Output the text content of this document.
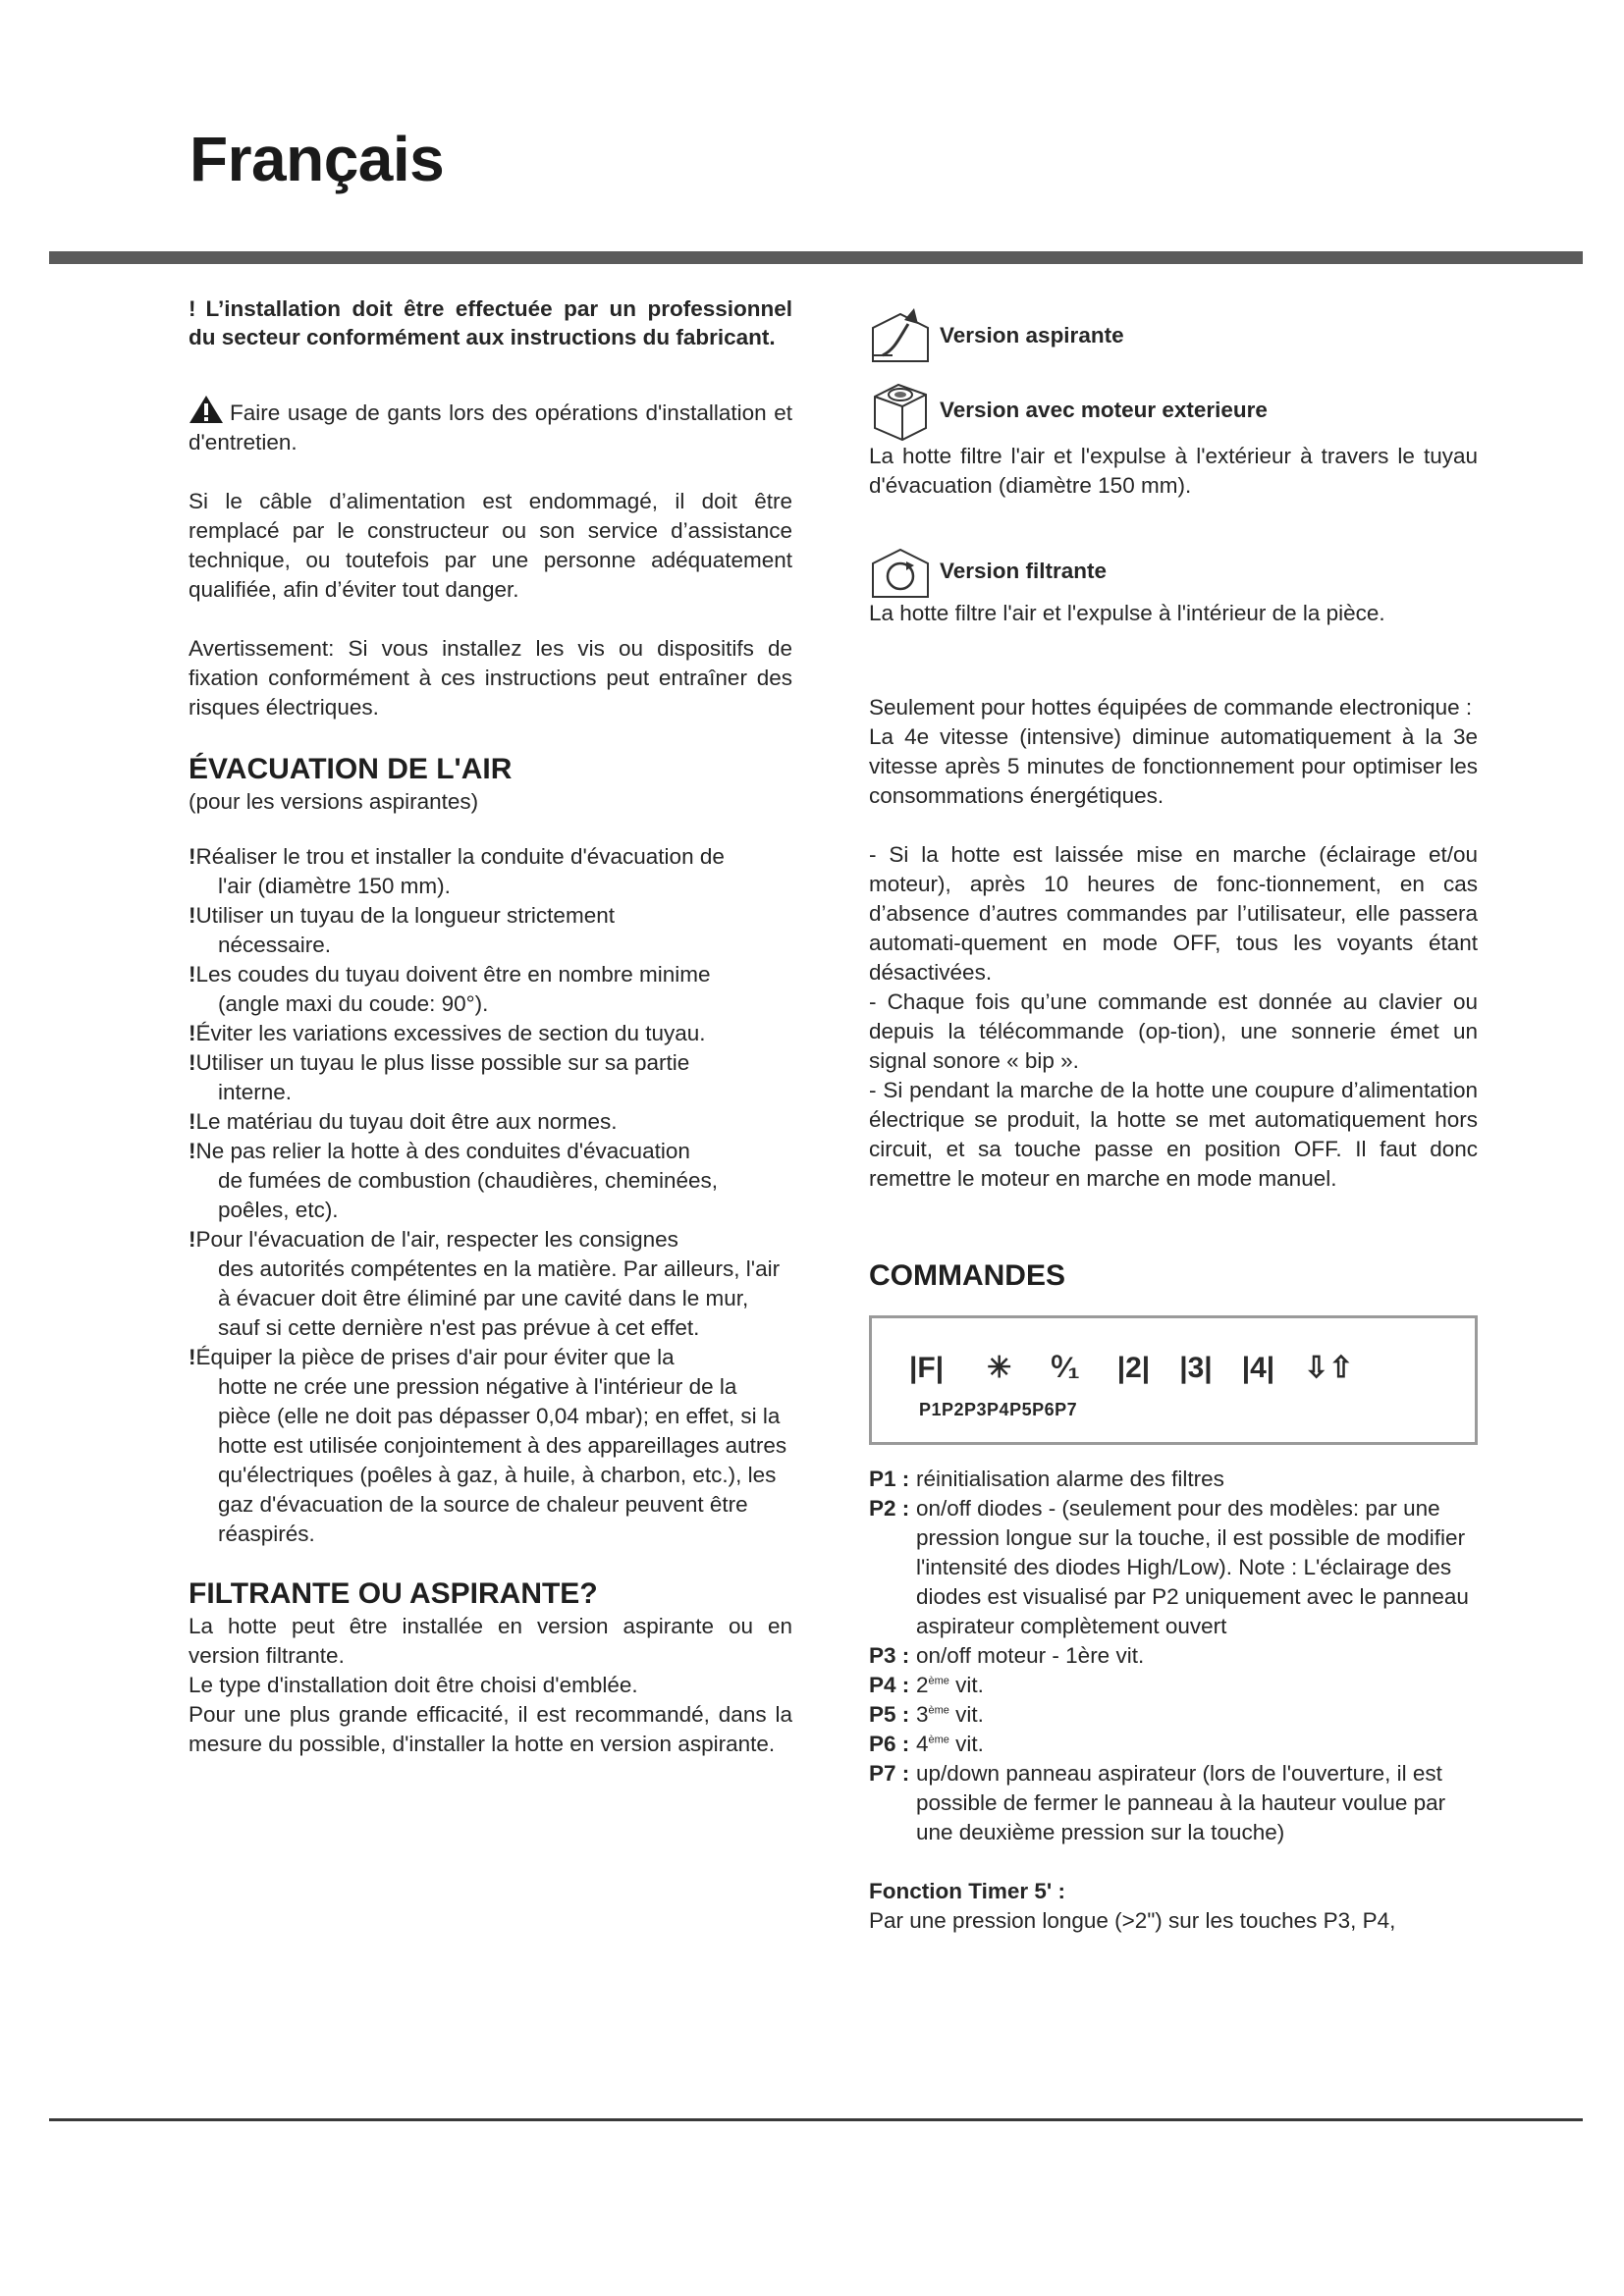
Français

! L’installation doit être effectuée par un professionnel du secteur conformément aux instructions du fabricant.

Faire usage de gants lors des opérations d'installation et d'entretien.

Si le câble d’alimentation est endommagé, il doit être remplacé par le constructeur ou son service d’assistance technique, ou toutefois par une personne adéquatement qualifiée, afin d’éviter tout danger.

Avertissement: Si vous installez les vis ou dispositifs de fixation conformément à ces instructions peut entraîner des risques électriques.

ÉVACUATION DE L'AIR

(pour les versions aspirantes)

!Réaliser le trou et installer la conduite d'évacuation de
l'air (diamètre 150 mm).
!Utiliser un tuyau de la longueur strictement
nécessaire.
!Les coudes du tuyau doivent être en nombre minime
(angle maxi du coude: 90°).
!Éviter les variations excessives de section du tuyau.
!Utiliser un tuyau le plus lisse possible sur sa partie
interne.
!Le matériau du tuyau doit être aux normes.
!Ne pas relier la hotte à des conduites d'évacuation
de fumées de combustion (chaudières, cheminées, poêles, etc).
!Pour l'évacuation de l'air, respecter les consignes
des autorités compétentes en la matière. Par ailleurs, l'air à évacuer doit être éliminé par une cavité dans le mur, sauf si cette dernière n'est pas prévue à cet effet.
!Équiper la pièce de prises d'air pour éviter que la
hotte ne crée une pression négative à l'intérieur de la pièce (elle ne doit pas dépasser 0,04 mbar); en effet, si la hotte est utilisée conjointement à des appareillages autres qu'électriques (poêles à gaz, à huile, à charbon, etc.), les gaz d'évacuation de la source de chaleur peuvent être réaspirés.
FILTRANTE OU ASPIRANTE?

La hotte peut être installée en version aspirante ou en version filtrante.

Le type d'installation doit être choisi d'emblée.

Pour une plus grande efficacité, il est recommandé, dans la mesure du possible, d'installer la hotte en version aspirante.

Version aspirante
Version avec moteur exterieure

La hotte filtre l'air et l'expulse à l'extérieur à travers le tuyau d'évacuation (diamètre 150 mm).

Version filtrante

La hotte filtre l'air et l'expulse à l'intérieur de la pièce.

Seulement pour hottes équipées de commande electronique :

La 4e vitesse (intensive) diminue automatiquement à la 3e vitesse après 5 minutes de fonctionnement pour optimiser les consommations énergétiques.

- Si la hotte est laissée mise en marche (éclairage et/ou moteur), après 10 heures de fonc-tionnement, en cas d’absence d’autres commandes par l’utilisateur, elle passera automati-quement en mode OFF, tous les voyants étant désactivées.

- Chaque fois qu’une commande est donnée au clavier ou depuis la télécommande (op-tion), une sonnerie émet un signal sonore « bip ».

- Si pendant la marche de la hotte une coupure d’alimentation électrique se produit, la hotte se met automatiquement hors circuit, et sa touche passe en position OFF. Il faut donc remettre le moteur en marche en mode manuel.

COMMANDES
|F| ✳ ⁰⁄₁ |2| |3| |4| ⇩⇧
P1P2P3P4P5P6P7
P1 : réinitialisation alarme des filtres
P2 : on/off diodes - (seulement pour des modèles: par une pression longue sur la touche, il est possible de modifier l'intensité des diodes High/Low). Note : L'éclairage des diodes est visualisé par P2 uniquement avec le panneau aspirateur complètement ouvert
P3 : on/off moteur - 1ère vit.
P4 : 2ème vit.
P5 : 3ème vit.
P6 : 4ème vit.
P7 : up/down panneau aspirateur (lors de l'ouverture, il est possible de fermer le panneau à la hauteur voulue par une deuxième pression sur la touche)

Fonction Timer 5' :

Par une pression longue (>2") sur les touches P3, P4,
